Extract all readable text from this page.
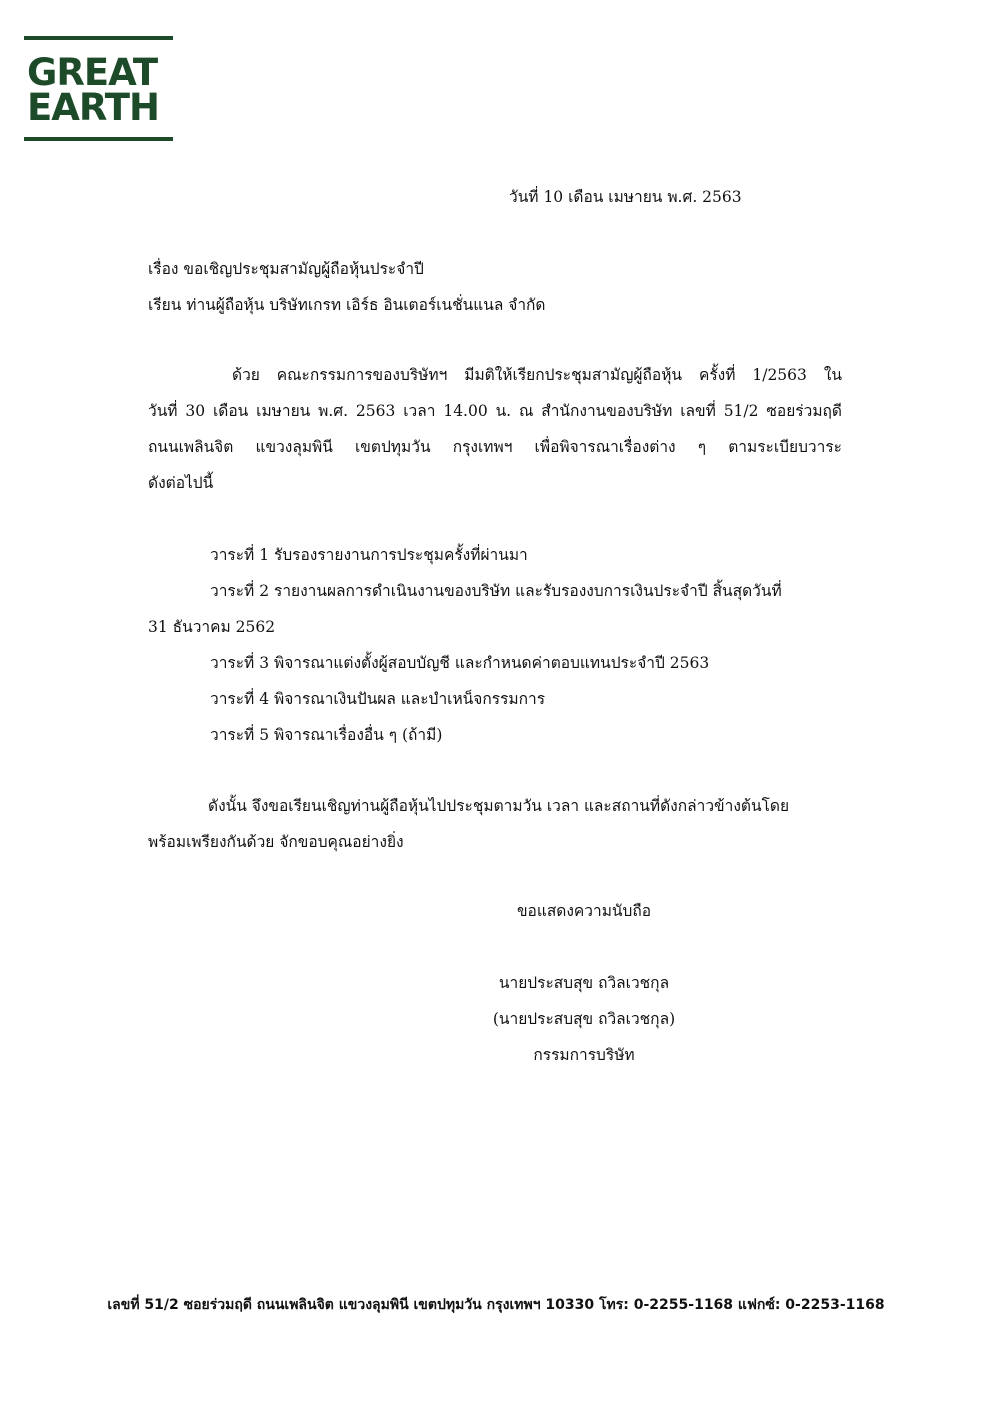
GREAT
EARTH
วันที่ 10 เดือน เมษายน พ.ศ. 2563
เรื่อง ขอเชิญประชุมสามัญผู้ถือหุ้นประจำปี
เรียน ท่านผู้ถือหุ้น บริษัทเกรท เอิร์ธ อินเตอร์เนชั่นแนล จำกัด
ด้วย คณะกรรมการของบริษัทฯ มีมติให้เรียกประชุมสามัญผู้ถือหุ้น ครั้งที่ 1/2563 ใน
วันที่ 30 เดือน เมษายน พ.ศ. 2563 เวลา 14.00 น. ณ สำนักงานของบริษัท เลขที่ 51/2 ซอยร่วมฤดี
ถนนเพลินจิต แขวงลุมพินี เขตปทุมวัน กรุงเทพฯ เพื่อพิจารณาเรื่องต่าง ๆ ตามระเบียบวาระ
ดังต่อไปนี้
วาระที่ 1 รับรองรายงานการประชุมครั้งที่ผ่านมา
วาระที่ 2 รายงานผลการดำเนินงานของบริษัท และรับรองงบการเงินประจำปี สิ้นสุดวันที่
31 ธันวาคม 2562
วาระที่ 3 พิจารณาแต่งตั้งผู้สอบบัญชี และกำหนดค่าตอบแทนประจำปี 2563
วาระที่ 4 พิจารณาเงินปันผล และบำเหน็จกรรมการ
วาระที่ 5 พิจารณาเรื่องอื่น ๆ (ถ้ามี)
ดังนั้น จึงขอเรียนเชิญท่านผู้ถือหุ้นไปประชุมตามวัน เวลา และสถานที่ดังกล่าวข้างต้นโดย
พร้อมเพรียงกันด้วย จักขอบคุณอย่างยิ่ง
ขอแสดงความนับถือ
นายประสบสุข ถวิลเวชกุล
(นายประสบสุข ถวิลเวชกุล)
กรรมการบริษัท
เลขที่ 51/2 ซอยร่วมฤดี ถนนเพลินจิต แขวงลุมพินี เขตปทุมวัน กรุงเทพฯ 10330 โทร: 0-2255-1168 แฟกซ์: 0-2253-1168
